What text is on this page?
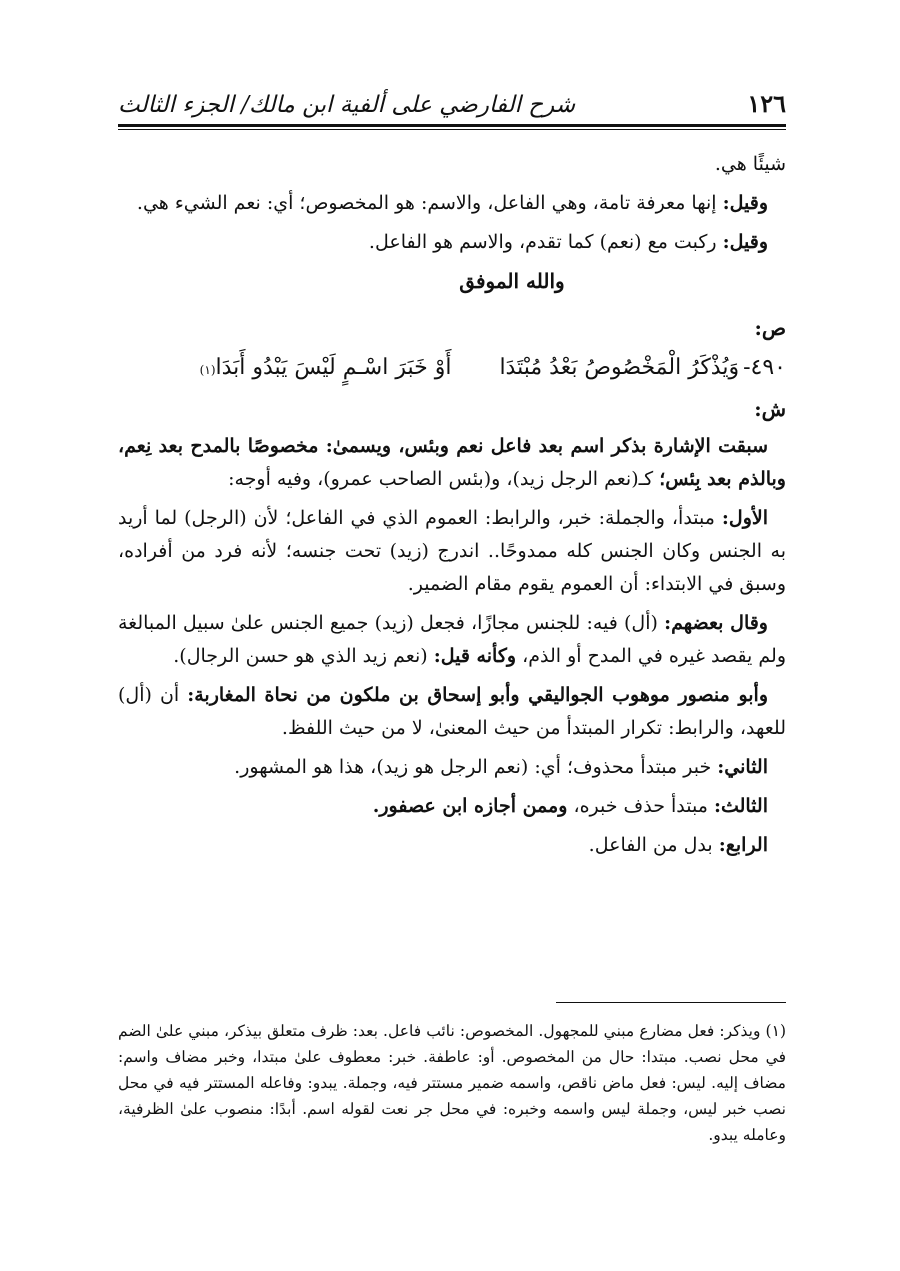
١٢٦
شرح الفارضي على ألفية ابن مالك/ الجزء الثالث

شيئًا هي.

وقيل: إنها معرفة تامة، وهي الفاعل، والاسم: هو المخصوص؛ أي: نعم الشيء هي.

وقيل: ركبت مع (نعم) كما تقدم، والاسم هو الفاعل.

والله الموفق
ص:
٤٩٠-
وَيُذْكَرُ الْمَخْصُوصُ بَعْدُ مُبْتَدَا
أَوْ خَبَرَ اسْـمٍ لَيْسَ يَبْدُو أَبَدَا
(١)
ش:

سبقت الإشارة بذكر اسم بعد فاعل نعم وبئس، ويسمىٰ: مخصوصًا بالمدح بعد نِعم، وبالذم بعد بِئس؛ كـ(نعم الرجل زيد)، و(بئس الصاحب عمرو)، وفيه أوجه:

الأول: مبتدأ، والجملة: خبر، والرابط: العموم الذي في الفاعل؛ لأن (الرجل) لما أريد به الجنس وكان الجنس كله ممدوحًا.. اندرج (زيد) تحت جنسه؛ لأنه فرد من أفراده، وسبق في الابتداء: أن العموم يقوم مقام الضمير.

وقال بعضهم: (أل) فيه: للجنس مجازًا، فجعل (زيد) جميع الجنس علىٰ سبيل المبالغة ولم يقصد غيره في المدح أو الذم، وكأنه قيل: (نعم زيد الذي هو حسن الرجال).

وأبو منصور موهوب الجواليقي وأبو إسحاق بن ملكون من نحاة المغاربة: أن (أل) للعهد، والرابط: تكرار المبتدأ من حيث المعنىٰ، لا من حيث اللفظ.

الثاني: خبر مبتدأ محذوف؛ أي: (نعم الرجل هو زيد)، هذا هو المشهور.

الثالث: مبتدأ حذف خبره، وممن أجازه ابن عصفور.

الرابع: بدل من الفاعل.

(١) ويذكر: فعل مضارع مبني للمجهول. المخصوص: نائب فاعل. بعد: ظرف متعلق بيذكر، مبني علىٰ الضم في محل نصب. مبتدا: حال من المخصوص. أو: عاطفة. خبر: معطوف علىٰ مبتدا، وخبر مضاف واسم: مضاف إليه. ليس: فعل ماض ناقص، واسمه ضمير مستتر فيه، وجملة. يبدو: وفاعله المستتر فيه في محل نصب خبر ليس، وجملة ليس واسمه وخبره: في محل جر نعت لقوله اسم. أبدًا: منصوب علىٰ الظرفية، وعامله يبدو.
